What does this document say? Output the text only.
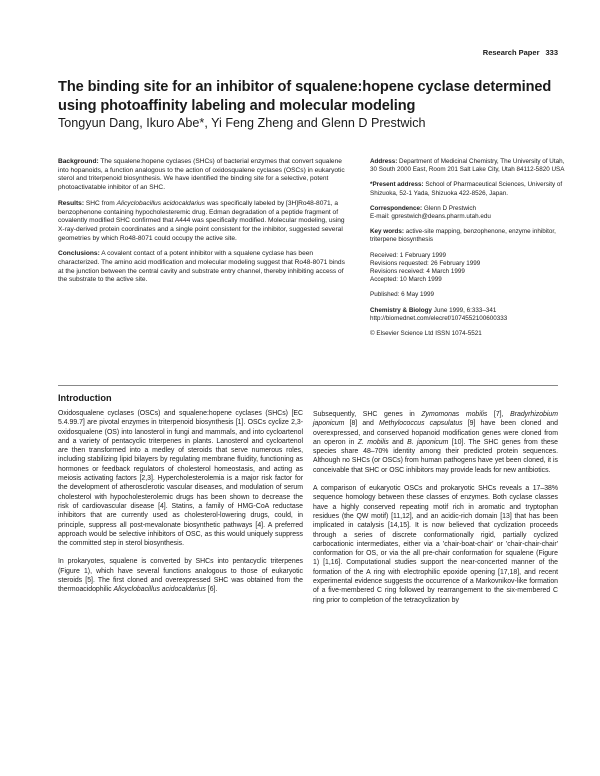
Research Paper 333
The binding site for an inhibitor of squalene:hopene cyclase determined using photoaffinity labeling and molecular modeling
Tongyun Dang, Ikuro Abe*, Yi Feng Zheng and Glenn D Prestwich

Background: The squalene:hopene cyclases (SHCs) of bacterial enzymes that convert squalene into hopanoids, a function analogous to the action of oxidosqualene cyclases (OSCs) in eukaryotic sterol and triterpenoid biosynthesis. We have identified the binding site for a selective, potent photoactivatable inhibitor of an SHC.

Results: SHC from Alicyclobacillus acidocaldarius was specifically labeled by [3H]Ro48-8071, a benzophenone containing hypocholesteremic drug. Edman degradation of a peptide fragment of covalently modified SHC confirmed that A444 was specifically modified. Molecular modeling, using X-ray-derived protein coordinates and a single point consistent for the inhibitor, suggested several geometries by which Ro48-8071 could occupy the active site.

Conclusions: A covalent contact of a potent inhibitor with a squalene cyclase has been characterized. The amino acid modification and molecular modeling suggest that Ro48-8071 binds at the junction between the central cavity and substrate entry channel, thereby inhibiting access of the substrate to the active site.

Address: Department of Medicinal Chemistry, The University of Utah, 30 South 2000 East, Room 201 Salt Lake City, Utah 84112-5820 USA
*Present address: School of Pharmaceutical Sciences, University of Shizuoka, 52-1 Yada, Shizuoka 422-8526, Japan.
Correspondence: Glenn D Prestwich
E-mail: gprestwich@deans.pharm.utah.edu
Key words: active-site mapping, benzophenone, enzyme inhibitor, triterpene biosynthesis
Received: 1 February 1999
Revisions requested: 26 February 1999
Revisions received: 4 March 1999
Accepted: 10 March 1999
Published: 6 May 1999
Chemistry & Biology June 1999, 6:333–341
http://biomednet.com/elecref/1074552100600333
© Elsevier Science Ltd ISSN 1074-5521
Introduction

Oxidosqualene cyclases (OSCs) and squalene:hopene cyclases (SHCs) [EC 5.4.99.7] are pivotal enzymes in triterpenoid biosynthesis [1]. OSCs cyclize 2,3-oxidosqualene (OS) into lanosterol in fungi and mammals, and into cycloartenol and a variety of pentacyclic triterpenes in plants. Lanosterol and cycloartenol are then transformed into a medley of steroids that serve numerous roles, including stabilizing lipid bilayers by regulating membrane fluidity, functioning as hormones or feedback regulators of cholesterol homeostasis, and acting as meiosis activating factors [2,3]. Hypercholesterolemia is a major risk factor for the development of atherosclerotic vascular diseases, and modulation of serum cholesterol with hypocholesterolemic drugs has been shown to decrease the risk of cardiovascular disease [4]. Statins, a family of HMG-CoA reductase inhibitors that are currently used as cholesterol-lowering drugs, could, in principle, suppress all post-mevalonate biosynthetic pathways [4]. A preferred approach would be selective inhibitors of OSC, as this would uniquely suppress the committed step in sterol biosynthesis.

In prokaryotes, squalene is converted by SHCs into pentacyclic triterpenes (Figure 1), which have several functions analogous to those of eukaryotic steroids [5]. The first cloned and overexpressed SHC was obtained from the thermoacidophilic Alicyclobacillus acidocaldarius [6].

Subsequently, SHC genes in Zymomonas mobilis [7], Bradyrhizobium japonicum [8] and Methylococcus capsulatus [9] have been cloned and overexpressed, and conserved hopanoid modification genes were cloned from an operon in Z. mobilis and B. japonicum [10]. The SHC genes from these species share 48–70% identity among their predicted protein sequences. Although no SHCs (or OSCs) from human pathogens have yet been cloned, it is conceivable that SHC or OSC inhibitors may provide leads for new antibiotics.

A comparison of eukaryotic OSCs and prokaryotic SHCs reveals a 17–38% sequence homology between these classes of enzymes. Both cyclase classes have a highly conserved repeating motif rich in aromatic and tryptophan residues (the QW motif) [11,12], and an acidic-rich domain [13] that has been implicated in catalysis [14,15]. It is now believed that cyclization proceeds through a series of discrete conformationally rigid, partially cyclized carbocationic intermediates, either via a 'chair-boat-chair' or 'chair-chair-chair' conformation for OS, or via the all pre-chair conformation for squalene (Figure 1) [1,16]. Computational studies support the near-concerted manner of the formation of the A ring with electrophilic epoxide opening [17,18], and recent experimental evidence suggests the occurrence of a Markovnikov-like formation of a five-membered C ring followed by rearrangement to the six-membered C ring prior to completion of the tetracyclization by
